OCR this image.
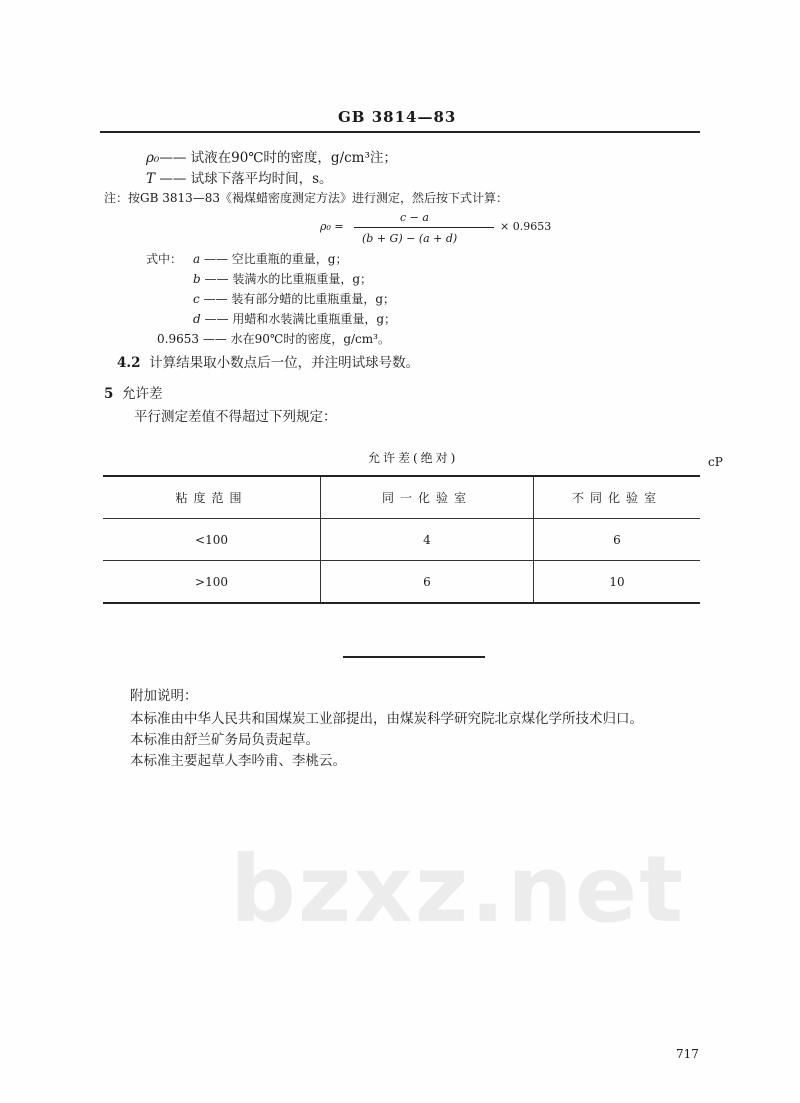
bzxz.net
GB 3814—83
ρ₀—— 试液在90℃时的密度，g/cm³注；
T —— 试球下落平均时间，s。
注：按GB 3813—83《褐煤蜡密度测定方法》进行测定，然后按下式计算：
ρ₀ =
c − a
(b + G) − (a + d)
× 0.9653
式中： a —— 空比重瓶的重量，g；
b —— 装满水的比重瓶重量，g；
c —— 装有部分蜡的比重瓶重量，g；
d —— 用蜡和水装满比重瓶重量，g；
0.9653 —— 水在90℃时的密度，g/cm³。
4.2 计算结果取小数点后一位，并注明试球号数。
5 允许差
平行测定差值不得超过下列规定：
允许差(绝对)	cP
粘度范围	同一化验室	不同化验室
<100	4	6
>100	6	10
附加说明：
本标准由中华人民共和国煤炭工业部提出，由煤炭科学研究院北京煤化学所技术归口。
本标准由舒兰矿务局负责起草。
本标准主要起草人李吟甫、李桃云。
717
